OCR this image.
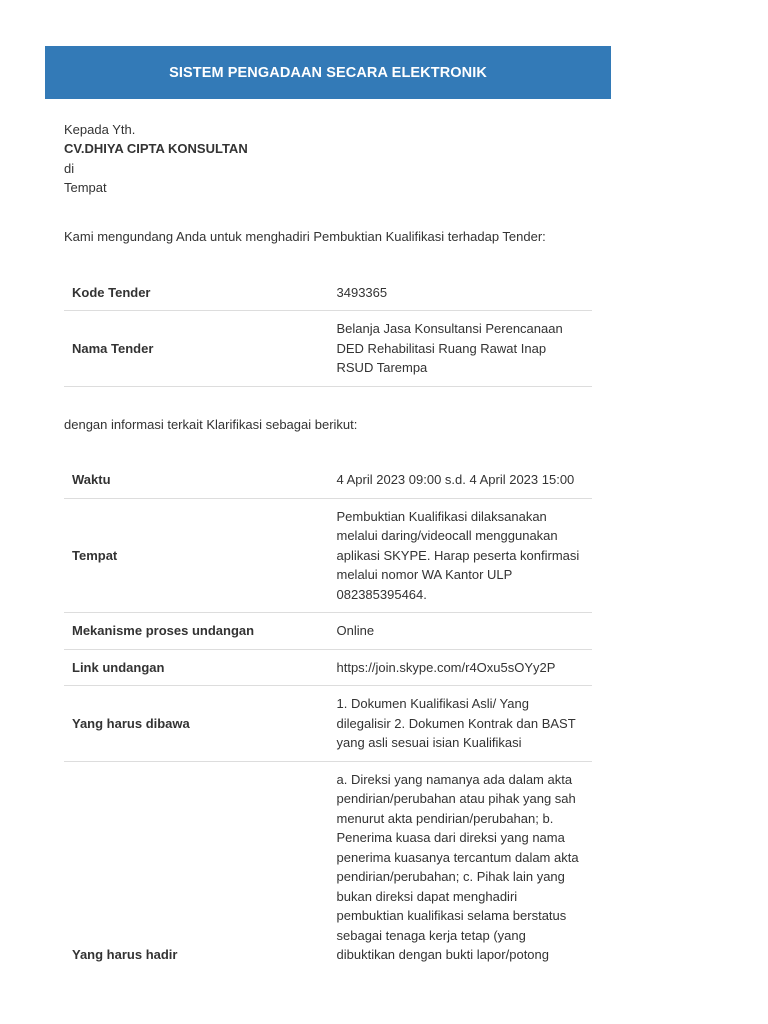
SISTEM PENGADAAN SECARA ELEKTRONIK
Kepada Yth.
CV.DHIYA CIPTA KONSULTAN
di
Tempat
Kami mengundang Anda untuk menghadiri Pembuktian Kualifikasi terhadap Tender:
Kode Tender	3493365
Nama Tender	Belanja Jasa Konsultansi Perencanaan DED Rehabilitasi Ruang Rawat Inap RSUD Tarempa
dengan informasi terkait Klarifikasi sebagai berikut:
Waktu	4 April 2023 09:00 s.d. 4 April 2023 15:00
Tempat	Pembuktian Kualifikasi dilaksanakan melalui daring/videocall menggunakan aplikasi SKYPE. Harap peserta konfirmasi melalui nomor WA Kantor ULP 082385395464.
Mekanisme proses undangan	Online
Link undangan	https://join.skype.com/r4Oxu5sOYy2P
Yang harus dibawa	1. Dokumen Kualifikasi Asli/ Yang dilegalisir 2. Dokumen Kontrak dan BAST yang asli sesuai isian Kualifikasi
Yang harus hadir	a. Direksi yang namanya ada dalam akta pendirian/perubahan atau pihak yang sah menurut akta pendirian/perubahan; b. Penerima kuasa dari direksi yang nama penerima kuasanya tercantum dalam akta pendirian/perubahan; c. Pihak lain yang bukan direksi dapat menghadiri pembuktian kualifikasi selama berstatus sebagai tenaga kerja tetap (yang dibuktikan dengan bukti lapor/potong
